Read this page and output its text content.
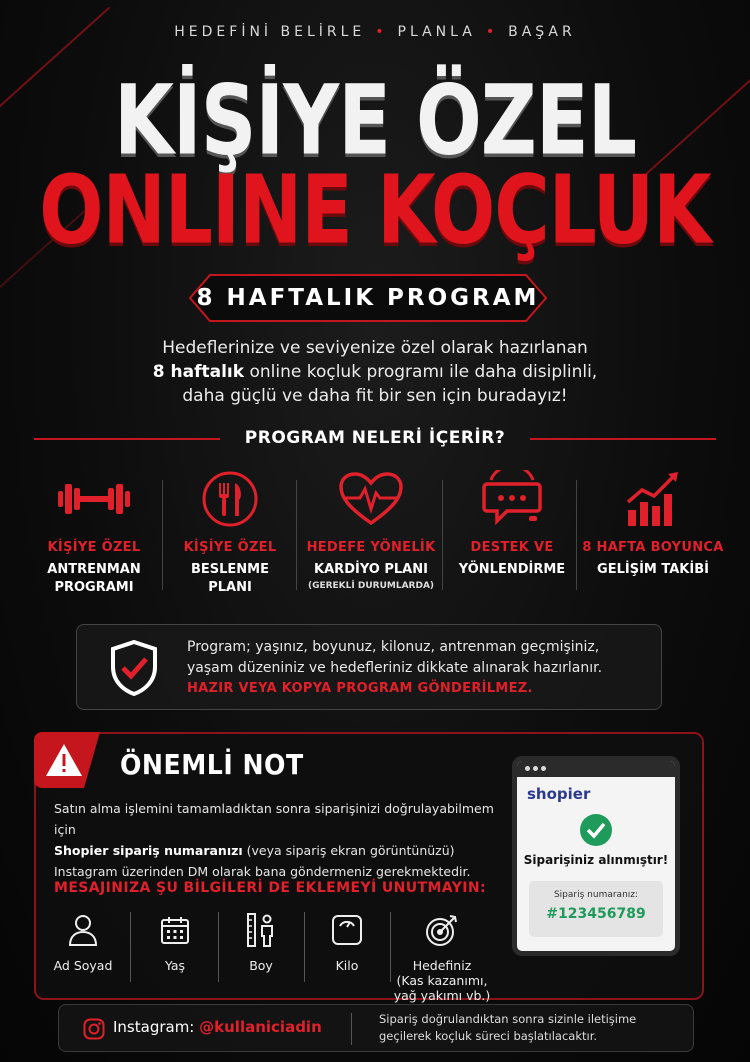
HEDEFİNİ BELİRLE • PLANLA • BAŞAR
KİŞİYE ÖZEL
ONLINE KOÇLUK
8 HAFTALIK PROGRAM
Hedeflerinize ve seviyenize özel olarak hazırlanan
8 haftalık online koçluk programı ile daha disiplinli,
daha güçlü ve daha fit bir sen için buradayız!
PROGRAM NELERİ İÇERİR?
KİŞİYE ÖZEL
ANTRENMAN
PROGRAMI
KİŞİYE ÖZEL
BESLENME
PLANI
HEDEFE YÖNELİK
KARDİYO PLANI
(GEREKLİ DURUMLARDA)
DESTEK VE
YÖNLENDİRME
8 HAFTA BOYUNCA
GELİŞİM TAKİBİ
Program; yaşınız, boyunuz, kilonuz, antrenman geçmişiniz,
yaşam düzeniniz ve hedefleriniz dikkate alınarak hazırlanır.
HAZIR VEYA KOPYA PROGRAM GÖNDERİLMEZ.
ÖNEMLİ NOT
Satın alma işlemini tamamladıktan sonra siparişinizi doğrulayabilmem için
Shopier sipariş numaranızı (veya sipariş ekran görüntünüzü)
Instagram üzerinden DM olarak bana göndermeniz gerekmektedir.
MESAJINIZA ŞU BİLGİLERİ DE EKLEMEYİ UNUTMAYIN:
Ad Soyad	Yaş	Boy	Kilo	Hedefiniz
(Kas kazanımı,
yağ yakımı vb.)
shopier
Siparişiniz alınmıştır!
Sipariş numaranız:
#123456789
Instagram: @kullaniciadin	Sipariş doğrulandıktan sonra sizinle iletişime
geçilerek koçluk süreci başlatılacaktır.
